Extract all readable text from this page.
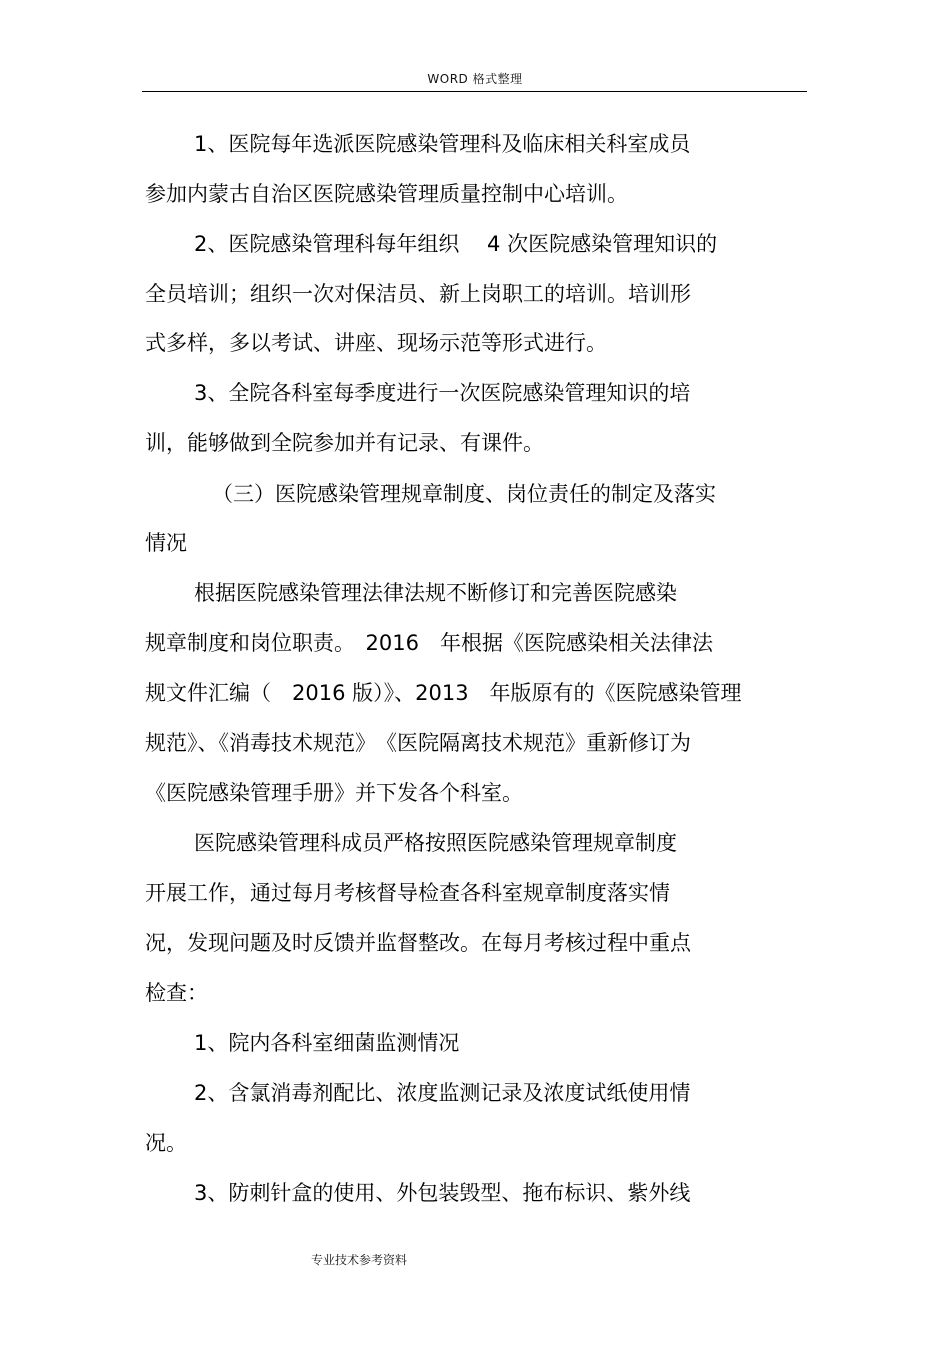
WORD 格式整理
1、医院每年选派医院感染管理科及临床相关科室成员
参加内蒙古自治区医院感染管理质量控制中心培训。
2、医院感染管理科每年组织　 4 次医院感染管理知识的
全员培训；组织一次对保洁员、新上岗职工的培训。培训形
式多样，多以考试、讲座、现场示范等形式进行。
3、全院各科室每季度进行一次医院感染管理知识的培
训，能够做到全院参加并有记录、有课件。
（三）医院感染管理规章制度、岗位责任的制定及落实
情况
根据医院感染管理法律法规不断修订和完善医院感染
规章制度和岗位职责。　2016　年根据《医院感染相关法律法
规文件汇编（　2016 版）》、2013　年版原有的《医院感染管理
规范》、《消毒技术规范》　《医院隔离技术规范》重新修订为
《医院感染管理手册》并下发各个科室。
医院感染管理科成员严格按照医院感染管理规章制度
开展工作，通过每月考核督导检查各科室规章制度落实情
况，发现问题及时反馈并监督整改。在每月考核过程中重点
检查：
1、院内各科室细菌监测情况
2、含氯消毒剂配比、浓度监测记录及浓度试纸使用情
况。
3、防刺针盒的使用、外包装毁型、拖布标识、紫外线
专业技术参考资料
